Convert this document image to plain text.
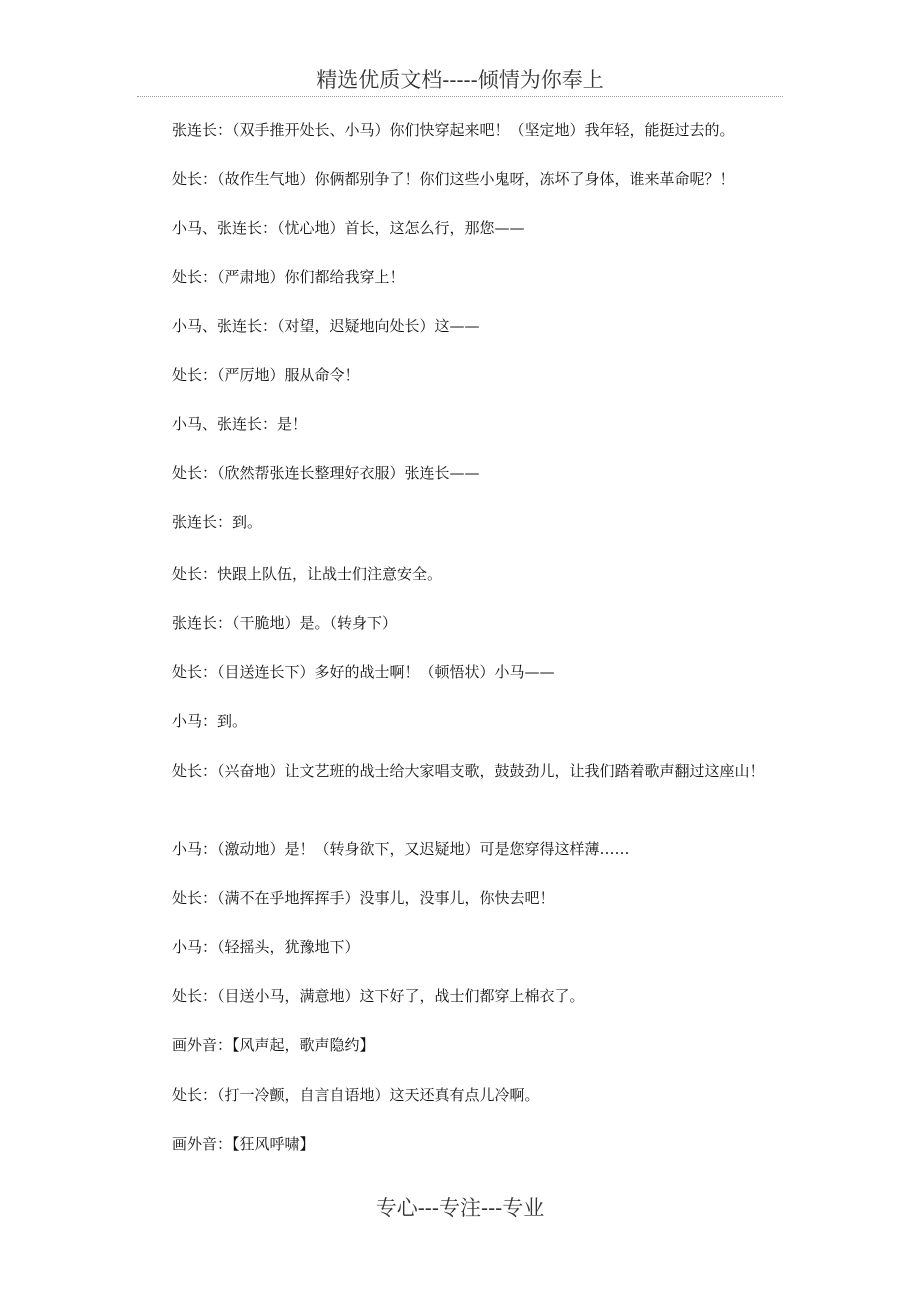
精选优质文档-----倾情为你奉上

张连长：（双手推开处长、小马）你们快穿起来吧！（坚定地）我年轻，能挺过去的。

处长：（故作生气地）你俩都别争了！你们这些小鬼呀，冻坏了身体，谁来革命呢？！

小马、张连长：（忧心地）首长，这怎么行，那您——

处长：（严肃地）你们都给我穿上！

小马、张连长：（对望，迟疑地向处长）这——

处长：（严厉地）服从命令！

小马、张连长：是！

处长：（欣然帮张连长整理好衣服）张连长——

张连长：到。

处长：快跟上队伍，让战士们注意安全。

张连长：（干脆地）是。（转身下）

处长：（目送连长下）多好的战士啊！（顿悟状）小马——

小马：到。

处长：（兴奋地）让文艺班的战士给大家唱支歌，鼓鼓劲儿，让我们踏着歌声翻过这座山！

小马：（激动地）是！（转身欲下，又迟疑地）可是您穿得这样薄……

处长：（满不在乎地挥挥手）没事儿，没事儿，你快去吧！

小马：（轻摇头，犹豫地下）

处长：（目送小马，满意地）这下好了，战士们都穿上棉衣了。

画外音：【风声起，歌声隐约】

处长：（打一冷颤，自言自语地）这天还真有点儿冷啊。

画外音：【狂风呼啸】

专心---专注---专业
